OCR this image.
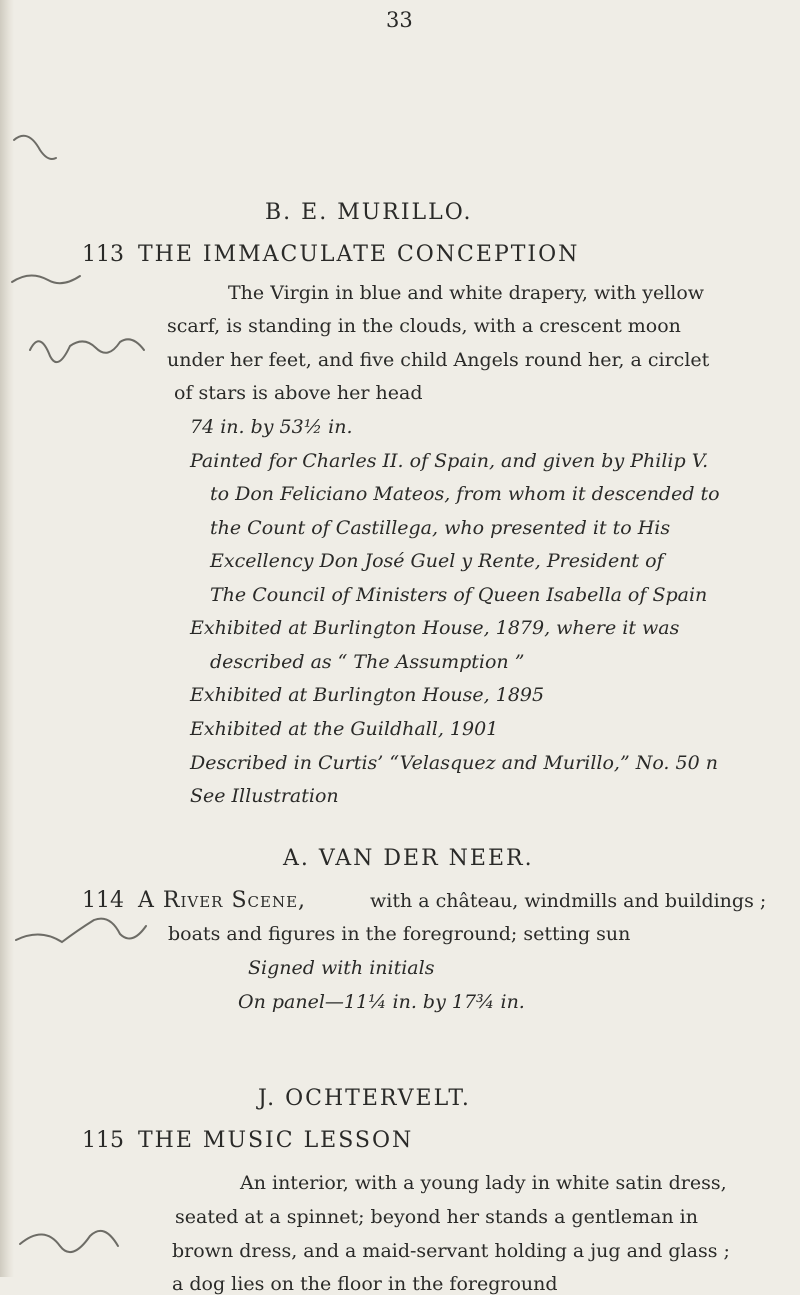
33
B. E. MURILLO.
113 THE IMMACULATE CONCEPTION
The Virgin in blue and white drapery, with yellow
scarf, is standing in the clouds, with a crescent moon
under her feet, and five child Angels round her, a circlet
of stars is above her head
74 in. by 53½ in.
Painted for Charles II. of Spain, and given by Philip V.
to Don Feliciano Mateos, from whom it descended to
the Count of Castillega, who presented it to His
Excellency Don José Guel y Rente, President of
The Council of Ministers of Queen Isabella of Spain
Exhibited at Burlington House, 1879, where it was
described as “ The Assumption ”
Exhibited at Burlington House, 1895
Exhibited at the Guildhall, 1901
Described in Curtis’ “Velasquez and Murillo,” No. 50 n
See Illustration
A. VAN DER NEER.
114 A River Scene,	with a château, windmills and buildings ;
boats and figures in the foreground; setting sun
Signed with initials
On panel—11¼ in. by 17¾ in.
J. OCHTERVELT.
115 THE MUSIC LESSON
An interior, with a young lady in white satin dress,
seated at a spinnet; beyond her stands a gentleman in
brown dress, and a maid-servant holding a jug and glass ;
a dog lies on the floor in the foreground
